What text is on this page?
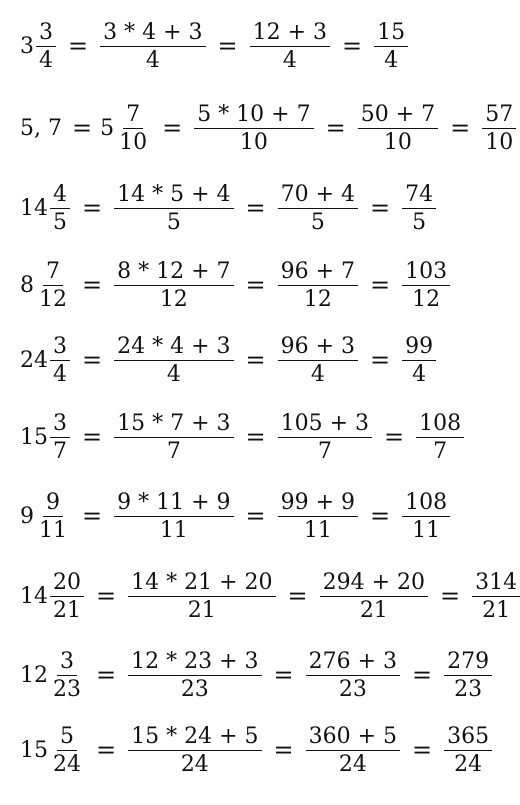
$3 \frac{3}{4} = \frac{3 * 4 + 3}{4} = \frac{12 + 3}{4} = \frac{15}{4}$
5, $7 = 5 \frac{7}{10} = \frac{5 * 10 + 7}{10} = \frac{50 + 7}{10} = \frac{57}{10}$
$14 \frac{4}{5} = \frac{14 * 5 + 4}{5} = \frac{70 + 4}{5} = \frac{74}{5}$
$8 \frac{7}{12} = \frac{8 * 12 + 7}{12} = \frac{96 + 7}{12} = \frac{103}{12}$
$24 \frac{3}{4} = \frac{24 * 4 + 3}{4} = \frac{96 + 3}{4} = \frac{99}{4}$
$15 \frac{3}{7} = \frac{15 * 7 + 3}{7} = \frac{105 + 3}{7} = \frac{108}{7}$
$9 \frac{9}{11} = \frac{9 * 11 + 9}{11} = \frac{99 + 9}{11} = \frac{108}{11}$
$14 \frac{20}{21} = \frac{14 * 21 + 20}{21} = \frac{294 + 20}{21} = \frac{314}{21}$
$12 \frac{3}{23} = \frac{12 * 23 + 3}{23} = \frac{276 + 3}{23} = \frac{279}{23}$
$15 \frac{5}{24} = \frac{15 * 24 + 5}{24} = \frac{360 + 5}{24} = \frac{365}{24}$
